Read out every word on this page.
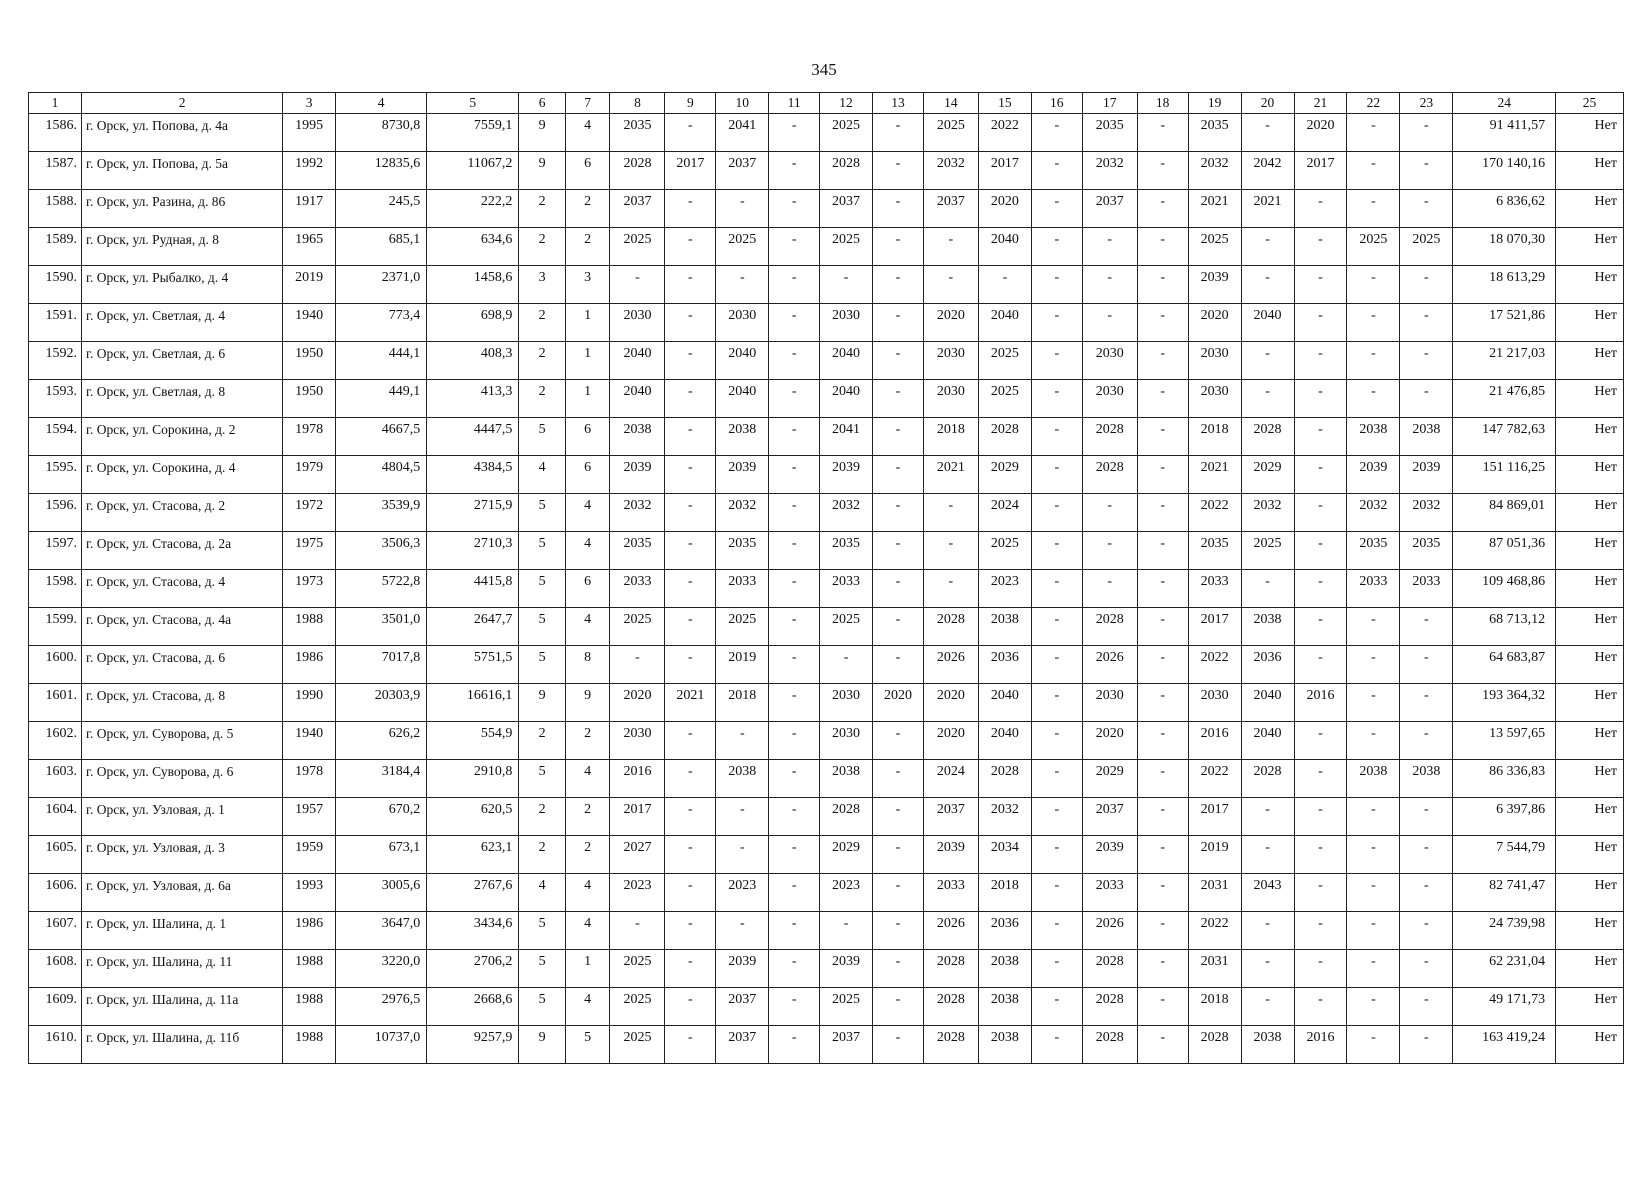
345
1	2	3	4	5	6	7	8	9	10	11	12	13	14	15	16	17	18	19	20	21	22	23	24	25
1586.	г. Орск, ул. Попова, д. 4а	1995	8730,8	7559,1	9	4	2035	-	2041	-	2025	-	2025	2022	-	2035	-	2035	-	2020	-	-	91 411,57	Нет
1587.	г. Орск, ул. Попова, д. 5а	1992	12835,6	11067,2	9	6	2028	2017	2037	-	2028	-	2032	2017	-	2032	-	2032	2042	2017	-	-	170 140,16	Нет
1588.	г. Орск, ул. Разина, д. 86	1917	245,5	222,2	2	2	2037	-	-	-	2037	-	2037	2020	-	2037	-	2021	2021	-	-	-	6 836,62	Нет
1589.	г. Орск, ул. Рудная, д. 8	1965	685,1	634,6	2	2	2025	-	2025	-	2025	-	-	2040	-	-	-	2025	-	-	2025	2025	18 070,30	Нет
1590.	г. Орск, ул. Рыбалко, д. 4	2019	2371,0	1458,6	3	3	-	-	-	-	-	-	-	-	-	-	-	2039	-	-	-	-	18 613,29	Нет
1591.	г. Орск, ул. Светлая, д. 4	1940	773,4	698,9	2	1	2030	-	2030	-	2030	-	2020	2040	-	-	-	2020	2040	-	-	-	17 521,86	Нет
1592.	г. Орск, ул. Светлая, д. 6	1950	444,1	408,3	2	1	2040	-	2040	-	2040	-	2030	2025	-	2030	-	2030	-	-	-	-	21 217,03	Нет
1593.	г. Орск, ул. Светлая, д. 8	1950	449,1	413,3	2	1	2040	-	2040	-	2040	-	2030	2025	-	2030	-	2030	-	-	-	-	21 476,85	Нет
1594.	г. Орск, ул. Сорокина, д. 2	1978	4667,5	4447,5	5	6	2038	-	2038	-	2041	-	2018	2028	-	2028	-	2018	2028	-	2038	2038	147 782,63	Нет
1595.	г. Орск, ул. Сорокина, д. 4	1979	4804,5	4384,5	4	6	2039	-	2039	-	2039	-	2021	2029	-	2028	-	2021	2029	-	2039	2039	151 116,25	Нет
1596.	г. Орск, ул. Стасова, д. 2	1972	3539,9	2715,9	5	4	2032	-	2032	-	2032	-	-	2024	-	-	-	2022	2032	-	2032	2032	84 869,01	Нет
1597.	г. Орск, ул. Стасова, д. 2а	1975	3506,3	2710,3	5	4	2035	-	2035	-	2035	-	-	2025	-	-	-	2035	2025	-	2035	2035	87 051,36	Нет
1598.	г. Орск, ул. Стасова, д. 4	1973	5722,8	4415,8	5	6	2033	-	2033	-	2033	-	-	2023	-	-	-	2033	-	-	2033	2033	109 468,86	Нет
1599.	г. Орск, ул. Стасова, д. 4а	1988	3501,0	2647,7	5	4	2025	-	2025	-	2025	-	2028	2038	-	2028	-	2017	2038	-	-	-	68 713,12	Нет
1600.	г. Орск, ул. Стасова, д. 6	1986	7017,8	5751,5	5	8	-	-	2019	-	-	-	2026	2036	-	2026	-	2022	2036	-	-	-	64 683,87	Нет
1601.	г. Орск, ул. Стасова, д. 8	1990	20303,9	16616,1	9	9	2020	2021	2018	-	2030	2020	2020	2040	-	2030	-	2030	2040	2016	-	-	193 364,32	Нет
1602.	г. Орск, ул. Суворова, д. 5	1940	626,2	554,9	2	2	2030	-	-	-	2030	-	2020	2040	-	2020	-	2016	2040	-	-	-	13 597,65	Нет
1603.	г. Орск, ул. Суворова, д. 6	1978	3184,4	2910,8	5	4	2016	-	2038	-	2038	-	2024	2028	-	2029	-	2022	2028	-	2038	2038	86 336,83	Нет
1604.	г. Орск, ул. Узловая, д. 1	1957	670,2	620,5	2	2	2017	-	-	-	2028	-	2037	2032	-	2037	-	2017	-	-	-	-	6 397,86	Нет
1605.	г. Орск, ул. Узловая, д. 3	1959	673,1	623,1	2	2	2027	-	-	-	2029	-	2039	2034	-	2039	-	2019	-	-	-	-	7 544,79	Нет
1606.	г. Орск, ул. Узловая, д. 6а	1993	3005,6	2767,6	4	4	2023	-	2023	-	2023	-	2033	2018	-	2033	-	2031	2043	-	-	-	82 741,47	Нет
1607.	г. Орск, ул. Шалина, д. 1	1986	3647,0	3434,6	5	4	-	-	-	-	-	-	2026	2036	-	2026	-	2022	-	-	-	-	24 739,98	Нет
1608.	г. Орск, ул. Шалина, д. 11	1988	3220,0	2706,2	5	1	2025	-	2039	-	2039	-	2028	2038	-	2028	-	2031	-	-	-	-	62 231,04	Нет
1609.	г. Орск, ул. Шалина, д. 11а	1988	2976,5	2668,6	5	4	2025	-	2037	-	2025	-	2028	2038	-	2028	-	2018	-	-	-	-	49 171,73	Нет
1610.	г. Орск, ул. Шалина, д. 11б	1988	10737,0	9257,9	9	5	2025	-	2037	-	2037	-	2028	2038	-	2028	-	2028	2038	2016	-	-	163 419,24	Нет
